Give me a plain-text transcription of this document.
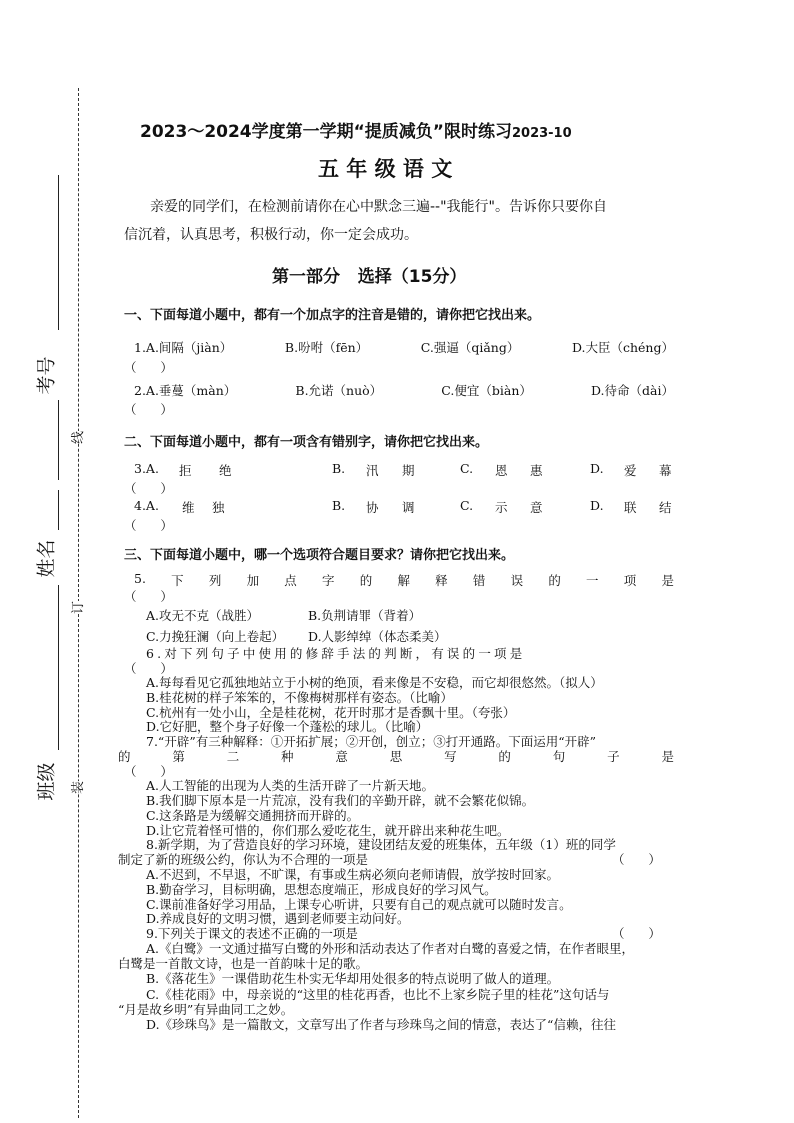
考号
姓名
班级
线
订
装
2023～2024学度第一学期“提质减负”限时练习2023-10
五 年 级 语 文
亲爱的同学们，在检测前请你在心中默念三遍--"我能行"。告诉你只要你自
信沉着，认真思考，积极行动，你一定会成功。
第一部分   选择（15分）
一、下面每道小题中，都有一个加点字的注音是错的，请你把它找出来。
1.A.间隔（jiàn）	B.吩咐（fēn）	C.强逼（qiǎng）	D.大臣（chéng）
（      ）
2.A.垂蔓（màn）	B.允诺（nuò）	C.便宜（biàn）	D.待命（dài）
（      ）
二、下面每道小题中，都有一项含有错别字，请你把它找出来。
3.A. 拒 绝	B. 汛 期	C. 恩 惠	D. 爱 幕
（      ）
4.A. 维 独	B. 协 调	C. 示 意	D. 联 结
（      ）
三、下面每道小题中，哪一个选项符合题目要求？请你把它找出来。
5. 下 列 加 点 字 的 解 释 错 误 的 一 项 是
（      ）
A.攻无不克（战胜）	B.负荆请罪（背着）
C.力挽狂澜（向上卷起） D.人影绰绰（体态柔美）
6.对下列句子中使用的修辞手法的判断，有误的一项是
（      ）
A.每每看见它孤独地站立于小树的绝顶，看来像是不安稳，而它却很悠然。（拟人）
B.桂花树的样子笨笨的，不像梅树那样有姿态。（比喻）
C.杭州有一处小山，全是桂花树，花开时那才是香飘十里。（夸张）
D.它好肥，整个身子好像一个蓬松的球儿。（比喻）
7.“开辟”有三种解释：①开拓扩展；②开创，创立；③打开通路。下面运用“开辟”
的	第	二	种	意	思	写	的	句	子	是
（      ）
A.人工智能的出现为人类的生活开辟了一片新天地。
B.我们脚下原本是一片荒凉，没有我们的辛勤开辟，就不会繁花似锦。
C.这条路是为缓解交通拥挤而开辟的。
D.让它荒着怪可惜的，你们那么爱吃花生，就开辟出来种花生吧。
8.新学期，为了营造良好的学习环境，建设团结友爱的班集体，五年级（1）班的同学
制定了新的班级公约，你认为不合理的一项是	（      ）
A.不迟到，不早退，不旷课，有事或生病必须向老师请假，放学按时回家。
B.勤奋学习，目标明确，思想态度端正，形成良好的学习风气。
C.课前准备好学习用品，上课专心听讲，只要有自己的观点就可以随时发言。
D.养成良好的文明习惯，遇到老师要主动问好。
9.下列关于课文的表述不正确的一项是	（      ）
A.《白鹭》一文通过描写白鹭的外形和活动表达了作者对白鹭的喜爱之情，在作者眼里，
白鹭是一首散文诗，也是一首韵味十足的歌。
B.《落花生》一课借助花生朴实无华却用处很多的特点说明了做人的道理。
C.《桂花雨》中，母亲说的“这里的桂花再香，也比不上家乡院子里的桂花”这句话与
“月是故乡明”有异曲同工之妙。
D.《珍珠鸟》是一篇散文，文章写出了作者与珍珠鸟之间的情意，表达了“信赖，往往
